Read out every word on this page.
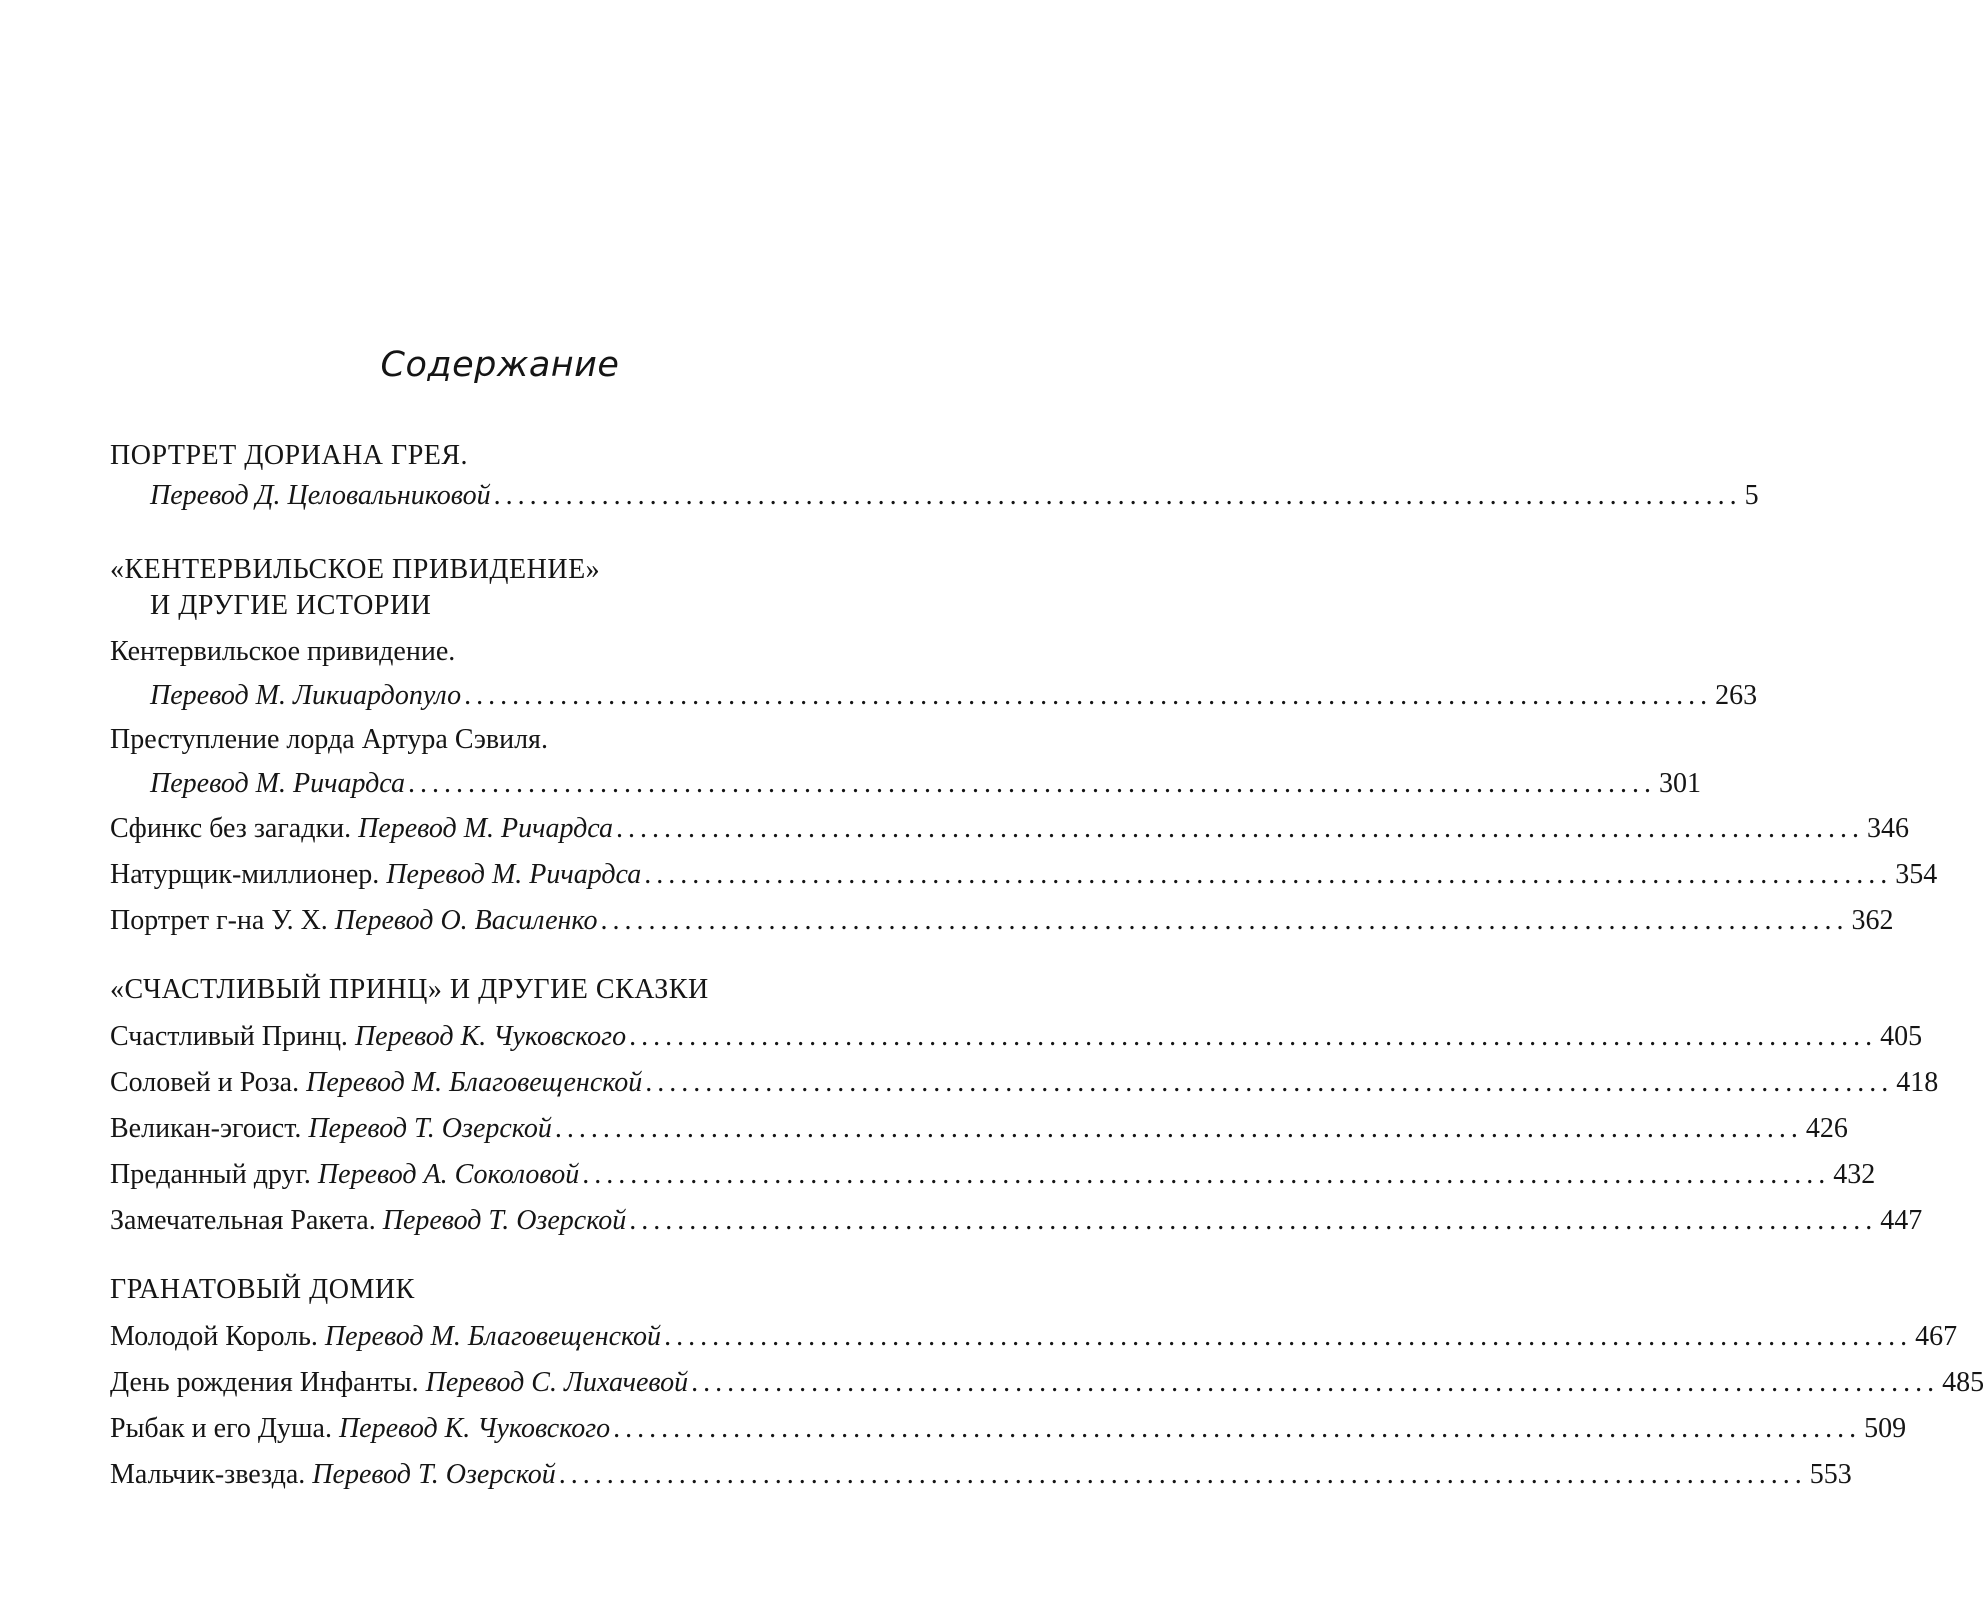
Содержание
ПОРТРЕТ ДОРИАНА ГРЕЯ.
Перевод Д. Целовальниковой ........................................................................................................ 5
«КЕНТЕРВИЛЬСКОЕ ПРИВИДЕНИЕ»
И ДРУГИЕ ИСТОРИИ
Кентервильское привидение.
Перевод М. Ликиардопуло ........................................................................................................ 263
Преступление лорда Артура Сэвиля.
Перевод М. Ричардса ........................................................................................................ 301
Сфинкс без загадки.
Перевод М. Ричардса ........................................................................................................ 346
Натурщик-миллионер.
Перевод М. Ричардса ........................................................................................................ 354
Портрет г-на У. Х.
Перевод О. Василенко ........................................................................................................ 362
«СЧАСТЛИВЫЙ ПРИНЦ» И ДРУГИЕ СКАЗКИ
Счастливый Принц.
Перевод К. Чуковского ........................................................................................................ 405
Соловей и Роза.
Перевод М. Благовещенской ........................................................................................................ 418
Великан-эгоист.
Перевод Т. Озерской ........................................................................................................ 426
Преданный друг.
Перевод А. Соколовой ........................................................................................................ 432
Замечательная Ракета.
Перевод Т. Озерской ........................................................................................................ 447
ГРАНАТОВЫЙ ДОМИК
Молодой Король.
Перевод М. Благовещенской ........................................................................................................ 467
День рождения Инфанты.
Перевод С. Лихачевой ........................................................................................................ 485
Рыбак и его Душа.
Перевод К. Чуковского ........................................................................................................ 509
Мальчик-звезда.
Перевод Т. Озерской ........................................................................................................ 553
